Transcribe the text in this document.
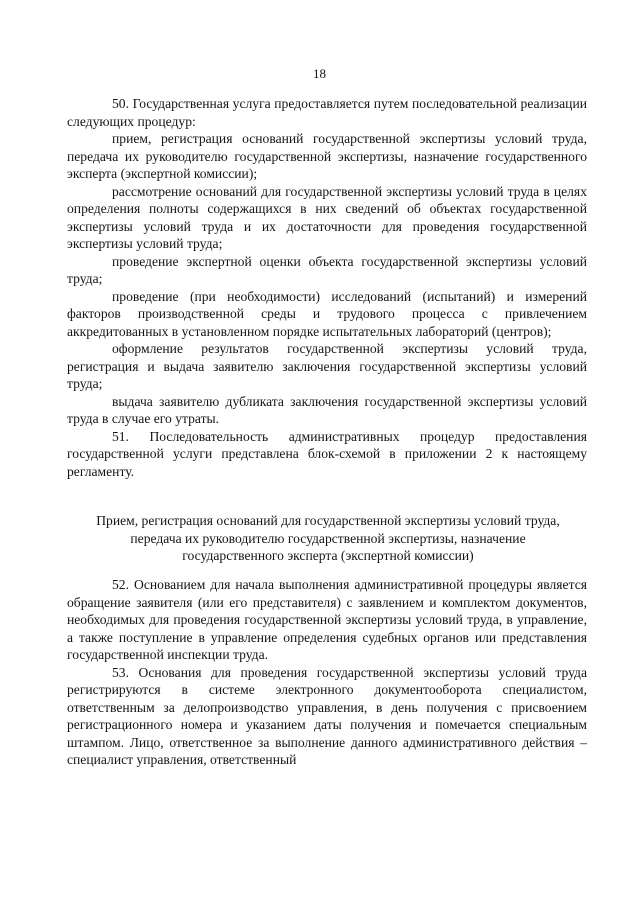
18

50. Государственная услуга предоставляется путем последовательной реализации следующих процедур:

прием, регистрация оснований государственной экспертизы условий труда, передача их руководителю государственной экспертизы, назначение государственного эксперта (экспертной комиссии);

рассмотрение оснований для государственной экспертизы условий труда в целях определения полноты содержащихся в них сведений об объектах государственной экспертизы условий труда и их достаточности для проведения государственной экспертизы условий труда;

проведение экспертной оценки объекта государственной экспертизы условий труда;

проведение (при необходимости) исследований (испытаний) и измерений факторов производственной среды и трудового процесса с привлечением аккредитованных в установленном порядке испытательных лабораторий (центров);

оформление результатов государственной экспертизы условий труда, регистрация и выдача заявителю заключения государственной экспертизы условий труда;

выдача заявителю дубликата заключения государственной экспертизы условий труда в случае его утраты.

51. Последовательность административных процедур предоставления государственной услуги представлена блок-схемой в приложении 2 к настоящему регламенту.

Прием, регистрация оснований для государственной экспертизы условий труда,
передача их руководителю государственной экспертизы, назначение
государственного эксперта (экспертной комиссии)

52. Основанием для начала выполнения административной процедуры является обращение заявителя (или его представителя) с заявлением и комплектом документов, необходимых для проведения государственной экспертизы условий труда, в управление, а также поступление в управление определения судебных органов или представления государственной инспекции труда.

53. Основания для проведения государственной экспертизы условий труда регистрируются в системе электронного документооборота специалистом, ответственным за делопроизводство управления, в день получения с присвоением регистрационного номера и указанием даты получения и помечается специальным штампом. Лицо, ответственное за выполнение данного административного действия – специалист управления, ответственный
